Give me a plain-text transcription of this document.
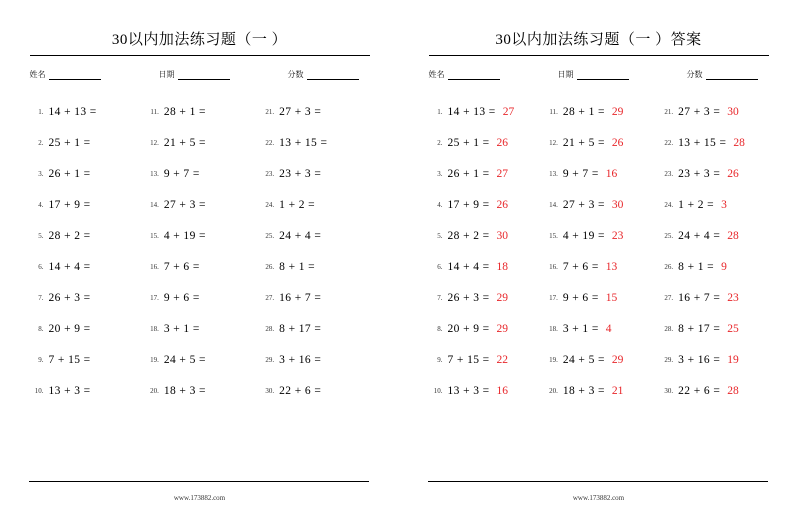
30以内加法练习题（一 ）
姓名	日期	分数
1. 14 + 13 =
2. 25 + 1 =
3. 26 + 1 =
4. 17 + 9 =
5. 28 + 2 =
6. 14 + 4 =
7. 26 + 3 =
8. 20 + 9 =
9. 7 + 15 =
10. 13 + 3 =
11. 28 + 1 =
12. 21 + 5 =
13. 9 + 7 =
14. 27 + 3 =
15. 4 + 19 =
16. 7 + 6 =
17. 9 + 6 =
18. 3 + 1 =
19. 24 + 5 =
20. 18 + 3 =
21. 27 + 3 =
22. 13 + 15 =
23. 23 + 3 =
24. 1 + 2 =
25. 24 + 4 =
26. 8 + 1 =
27. 16 + 7 =
28. 8 + 17 =
29. 3 + 16 =
30. 22 + 6 =
www.173882.com
30以内加法练习题（一 ）答案
姓名	日期	分数
1. 14 + 13 = 27
2. 25 + 1 = 26
3. 26 + 1 = 27
4. 17 + 9 = 26
5. 28 + 2 = 30
6. 14 + 4 = 18
7. 26 + 3 = 29
8. 20 + 9 = 29
9. 7 + 15 = 22
10. 13 + 3 = 16
11. 28 + 1 = 29
12. 21 + 5 = 26
13. 9 + 7 = 16
14. 27 + 3 = 30
15. 4 + 19 = 23
16. 7 + 6 = 13
17. 9 + 6 = 15
18. 3 + 1 = 4
19. 24 + 5 = 29
20. 18 + 3 = 21
21. 27 + 3 = 30
22. 13 + 15 = 28
23. 23 + 3 = 26
24. 1 + 2 = 3
25. 24 + 4 = 28
26. 8 + 1 = 9
27. 16 + 7 = 23
28. 8 + 17 = 25
29. 3 + 16 = 19
30. 22 + 6 = 28
www.173882.com
